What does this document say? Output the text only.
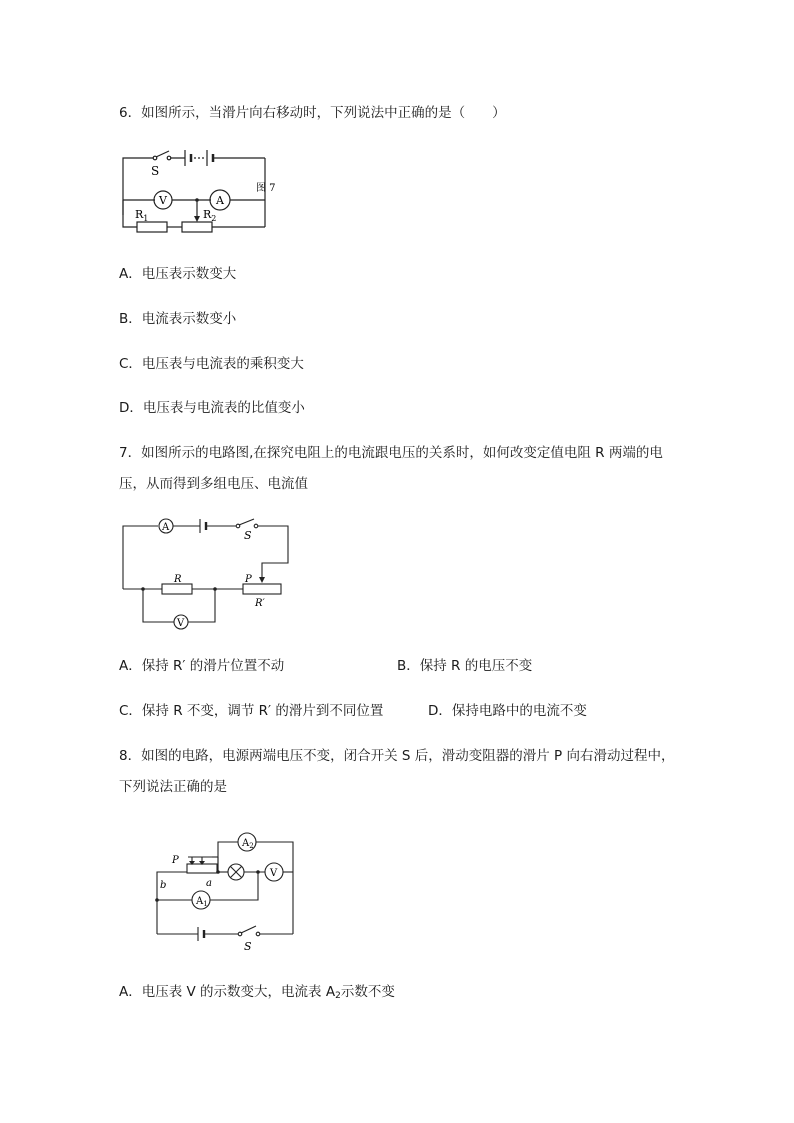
6．如图所示，当滑片向右移动时，下列说法中正确的是（　　）
S
V	A
$R_1$	$R_2$
图 7
A．电压表示数变大
B．电流表示数变小
C．电压表与电流表的乘积变大
D．电压表与电流表的比值变小
7．如图所示的电路图,在探究电阻上的电流跟电压的关系时，如何改变定值电阻 R 两端的电压，从而得到多组电压、电流值
A
S
R	P
R′
V
A．保持 R′ 的滑片位置不动	B．保持 R 的电压不变
C．保持 R 不变，调节 R′ 的滑片到不同位置	D．保持电路中的电流不变
8．如图的电路，电源两端电压不变，闭合开关 S 后，滑动变阻器的滑片 P 向右滑动过程中，下列说法正确的是
$A_2$
$A_1$
V
P
a
b
S
A．电压表 V 的示数变大，电流表 $A_2$示数不变
